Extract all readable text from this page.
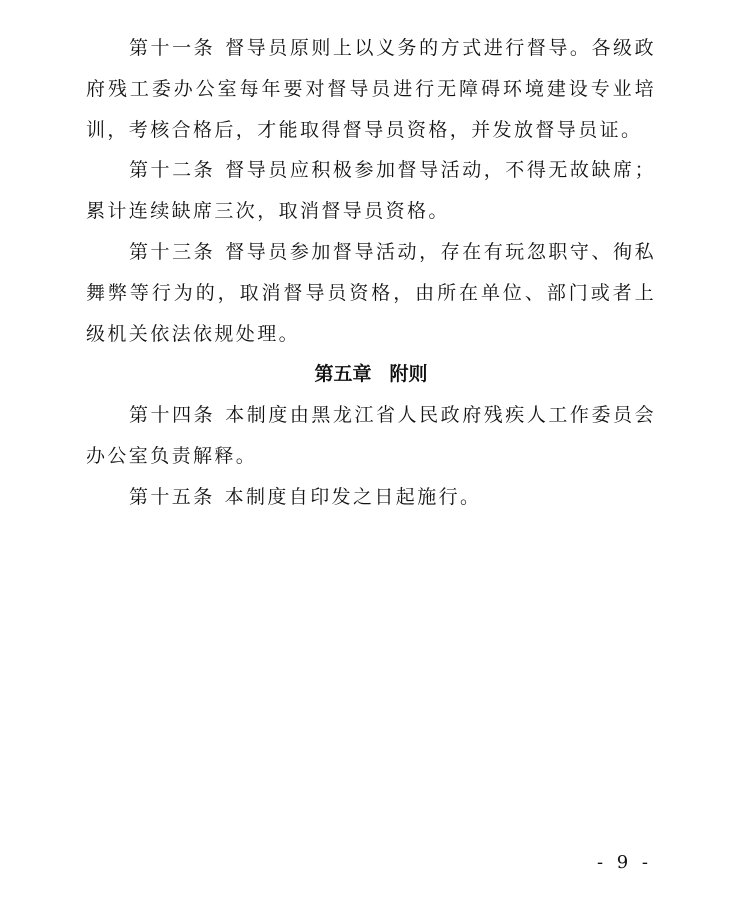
第十一条 督导员原则上以义务的方式进行督导。各级政府残工委办公室每年要对督导员进行无障碍环境建设专业培训，考核合格后，才能取得督导员资格，并发放督导员证。

第十二条 督导员应积极参加督导活动，不得无故缺席；累计连续缺席三次，取消督导员资格。

第十三条 督导员参加督导活动，存在有玩忽职守、徇私舞弊等行为的，取消督导员资格，由所在单位、部门或者上级机关依法依规处理。

第五章 附则

第十四条 本制度由黑龙江省人民政府残疾人工作委员会办公室负责解释。

第十五条 本制度自印发之日起施行。

- 9 -
